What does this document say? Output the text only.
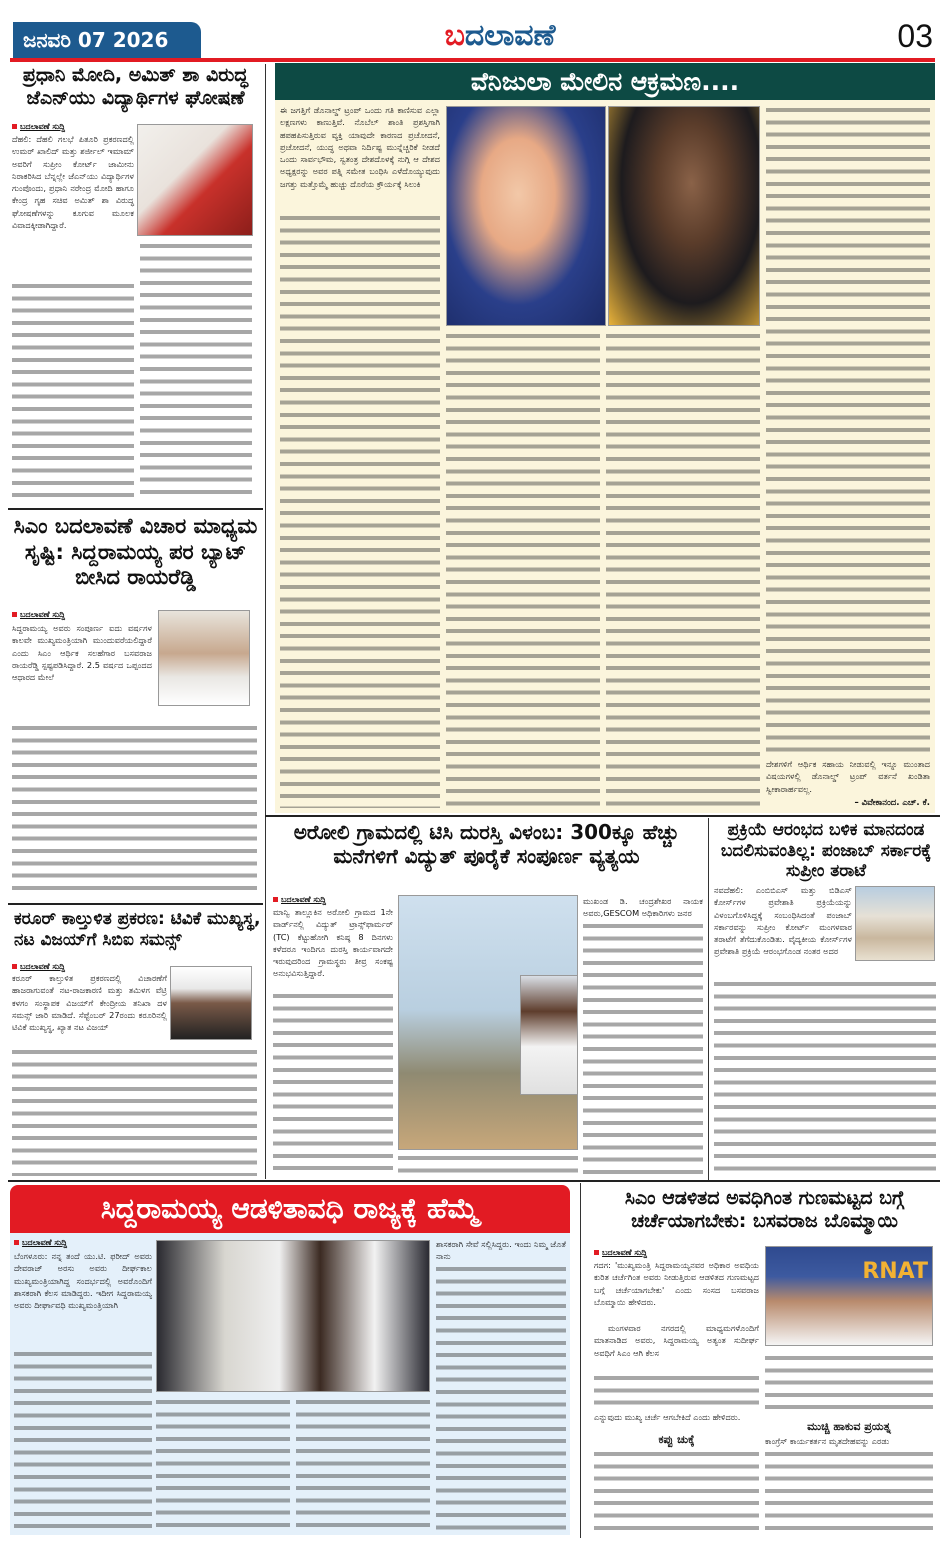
ಜನವರಿ 07 2026	ಬದಲಾವಣೆ	03
ಪ್ರಧಾನಿ ಮೋದಿ, ಅಮಿತ್ ಶಾ ವಿರುದ್ಧ ಜೆಎನ್‌ಯು ವಿದ್ಯಾರ್ಥಿಗಳ ಘೋಷಣೆ
ಬದಲಾವಣೆ ಸುದ್ದಿ
ದೆಹಲಿ: ದೆಹಲಿ ಗಲಭೆ ಪಿತೂರಿ ಪ್ರಕರಣದಲ್ಲಿ ಉಮರ್ ಖಾಲಿದ್ ಮತ್ತು ಶರ್ಜೀಲ್ ಇಮಾಮ್ ಅವರಿಗೆ ಸುಪ್ರೀಂ ಕೋರ್ಟ್ ಜಾಮೀನು ನಿರಾಕರಿಸಿದ ಬೆನ್ನಲ್ಲೇ ಜೆಎನ್‌ಯು ವಿದ್ಯಾರ್ಥಿಗಳ ಗುಂಪೊಂದು, ಪ್ರಧಾನಿ ನರೇಂದ್ರ ಮೋದಿ ಹಾಗೂ ಕೇಂದ್ರ ಗೃಹ ಸಚಿವ ಅಮಿತ್ ಶಾ ವಿರುದ್ಧ ಘೋಷಣೆಗಳನ್ನು ಕೂಗುವ ಮೂಲಕ ವಿವಾದಕ್ಕೀಡಾಗಿದ್ದಾರೆ.
ಸಿಎಂ ಬದಲಾವಣೆ ವಿಚಾರ ಮಾಧ್ಯಮ ಸೃಷ್ಟಿ: ಸಿದ್ದರಾಮಯ್ಯ ಪರ ಬ್ಯಾಟ್ ಬೀಸಿದ ರಾಯರೆಡ್ಡಿ
ಬದಲಾವಣೆ ಸುದ್ದಿ
ಸಿದ್ದರಾಮಯ್ಯ ಅವರು ಸಂಪೂರ್ಣ ಐದು ವರ್ಷಗಳ ಕಾಲವೇ ಮುಖ್ಯಮಂತ್ರಿಯಾಗಿ ಮುಂದುವರೆಯಲಿದ್ದಾರೆ ಎಂದು ಸಿಎಂ ಆರ್ಥಿಕ ಸಲಹೆಗಾರ ಬಸವರಾಜ ರಾಯರೆಡ್ಡಿ ಸ್ಪಷ್ಟಪಡಿಸಿದ್ದಾರೆ. 2.5 ವರ್ಷದ ಒಪ್ಪಂದದ ಆಧಾರದ ಮೇಲೆ
ಕರೂರ್ ಕಾಲ್ತುಳಿತ ಪ್ರಕರಣ: ಟಿವಿಕೆ ಮುಖ್ಯಸ್ಥ, ನಟ ವಿಜಯ್‌ಗೆ ಸಿಬಿಐ ಸಮನ್ಸ್
ಬದಲಾವಣೆ ಸುದ್ದಿ
ಕರೂರ್ ಕಾಲ್ತುಳಿತ ಪ್ರಕರಣದಲ್ಲಿ ವಿಚಾರಣೆಗೆ ಹಾಜರಾಗುವಂತೆ ನಟ-ರಾಜಕಾರಣಿ ಮತ್ತು ತಮಿಳಗ ವೆಟ್ರಿ ಕಳಗಂ ಸಂಸ್ಥಾಪಕ ವಿಜಯ್‌ಗೆ ಕೇಂದ್ರೀಯ ತನಿಖಾ ದಳ ಸಮನ್ಸ್ ಜಾರಿ ಮಾಡಿದೆ. ಸೆಪ್ಟೆಂಬರ್ 27ರಂದು ಕರೂರಿನಲ್ಲಿ ಟಿವಿಕೆ ಮುಖ್ಯಸ್ಥ, ಖ್ಯಾತ ನಟ ವಿಜಯ್
ವೆನಿಜುಲಾ ಮೇಲಿನ ಆಕ್ರಮಣ....
ಈ ಜಗತ್ತಿಗೆ ಡೊನಾಲ್ಡ್ ಟ್ರಂಪ್ ಒಂದು ಗತಿ ಕಾಣಿಸುವ ಎಲ್ಲಾ ಲಕ್ಷಣಗಳು ಕಾಣುತ್ತಿವೆ. ನೊಬೆಲ್ ಶಾಂತಿ ಪ್ರಶಸ್ತಿಗಾಗಿ ಹಪಹಪಿಸುತ್ತಿರುವ ವ್ಯಕ್ತಿ ಯಾವುದೇ ಕಾರಣದ ಪ್ರಚೋದನೆ, ಪ್ರಚೋದನೆ, ಯುದ್ಧ ಅಥವಾ ನಿರ್ದಿಷ್ಟ ಮುನ್ನೆಚ್ಚರಿಕೆ ನೀಡದೆ ಒಂದು ಸಾರ್ವಭೌಮ, ಸ್ವತಂತ್ರ ದೇಶದೊಳಕ್ಕೆ ನುಗ್ಗಿ ಆ ದೇಶದ ಅಧ್ಯಕ್ಷರನ್ನು ಅವರ ಪತ್ನಿ ಸಮೇತ ಬಂಧಿಸಿ ಎಳೆದೊಯ್ಯುವುದು ಜಗತ್ತು ಮತ್ತೊಮ್ಮೆ ಹುಚ್ಚು ದೊರೆಯ ಕ್ರೌರ್ಯಕ್ಕೆ ಸಿಲುಕಿ
ದೇಶಗಳಿಗೆ ಆರ್ಥಿಕ ಸಹಾಯ ನೀಡುವಲ್ಲಿ ಇನ್ನೂ ಮುಂತಾದ ವಿಷಯಗಳಲ್ಲಿ ಡೊನಾಲ್ಡ್ ಟ್ರಂಪ್ ವರ್ತನೆ ಖಂಡಿತಾ ಸ್ವೀಕಾರಾರ್ಹವಲ್ಲ.
– ವಿವೇಕಾನಂದ. ಎಚ್. ಕೆ.
ಅರೋಲಿ ಗ್ರಾಮದಲ್ಲಿ ಟಿಸಿ ದುರಸ್ತಿ ವಿಳಂಬ: 300ಕ್ಕೂ ಹೆಚ್ಚು ಮನೆಗಳಿಗೆ ವಿದ್ಯುತ್ ಪೂರೈಕೆ ಸಂಪೂರ್ಣ ವ್ಯತ್ಯಯ
ಬದಲಾವಣೆ ಸುದ್ದಿ
ಮಾನ್ವಿ ತಾಲ್ಲೂಕಿನ ಅರೋಲಿ ಗ್ರಾಮದ 1ನೇ ವಾರ್ಡ್‌ನಲ್ಲಿ ವಿದ್ಯುತ್ ಟ್ರಾನ್ಸ್‌ಫಾರ್ಮರ್ (TC) ಕೆಟ್ಟುಹೋಗಿ ಕನಿಷ್ಠ 8 ದಿನಗಳು ಕಳೆದರೂ ಇಂದಿಗೂ ದುರಸ್ತಿ ಕಾರ್ಯವಾಗದೇ ಇರುವುದರಿಂದ ಗ್ರಾಮಸ್ಥರು ತೀವ್ರ ಸಂಕಷ್ಟ ಅನುಭವಿಸುತ್ತಿದ್ದಾರೆ.
ಮುಖಂಡ ಡಿ. ಚಂದ್ರಶೇಖರ ನಾಯಕ ಅವರು,GESCOM ಅಧಿಕಾರಿಗಳು ಜನರ
ಪ್ರಕ್ರಿಯೆ ಆರಂಭದ ಬಳಿಕ ಮಾನದಂಡ ಬದಲಿಸುವಂತಿಲ್ಲ: ಪಂಜಾಬ್ ಸರ್ಕಾರಕ್ಕೆ ಸುಪ್ರೀಂ ತರಾಟೆ
ನವದೆಹಲಿ: ಎಂಬಿಬಿಎಸ್ ಮತ್ತು ಬಿಡಿಎಸ್ ಕೋರ್ಸ್‌ಗಳ ಪ್ರವೇಶಾತಿ ಪ್ರಕ್ರಿಯೆಯನ್ನು ವಿಳಂಬಗೊಳಿಸಿದ್ದಕ್ಕೆ ಸಂಬಂಧಿಸಿದಂತೆ ಪಂಜಾಬ್ ಸರ್ಕಾರವನ್ನು ಸುಪ್ರೀಂ ಕೋರ್ಟ್ ಮಂಗಳವಾರ ತರಾಟೆಗೆ ತೆಗೆದುಕೊಂಡಿತು. ವೈದ್ಯಕೀಯ ಕೋರ್ಸ್‌ಗಳ ಪ್ರವೇಶಾತಿ ಪ್ರಕ್ರಿಯೆ ಆರಂಭಗೊಂಡ ನಂತರ ಅದರ
ಸಿದ್ದರಾಮಯ್ಯ ಆಡಳಿತಾವಧಿ ರಾಜ್ಯಕ್ಕೆ ಹೆಮ್ಮೆ
ಬದಲಾವಣೆ ಸುದ್ದಿ
ಬೆಂಗಳೂರು: ನನ್ನ ತಂದೆ ಯು.ಟಿ. ಫರೀದ್ ಅವರು ದೇವರಾಜ್ ಅರಸು ಅವರು ದೀರ್ಘಕಾಲ ಮುಖ್ಯಮಂತ್ರಿಯಾಗಿದ್ದ ಸಂದರ್ಭದಲ್ಲಿ ಅವರೊಂದಿಗೆ ಶಾಸಕರಾಗಿ ಕೆಲಸ ಮಾಡಿದ್ದರು. ಇದೀಗ ಸಿದ್ದರಾಮಯ್ಯ ಅವರು ದೀರ್ಘಾವಧಿ ಮುಖ್ಯಮಂತ್ರಿಯಾಗಿ
ಶಾಸಕರಾಗಿ ಸೇವೆ ಸಲ್ಲಿಸಿದ್ದರು. ಇಂದು ನಿಮ್ಮ ಜೊತೆ ನಾನು
ಸಿಎಂ ಆಡಳಿತದ ಅವಧಿಗಿಂತ ಗುಣಮಟ್ಟದ ಬಗ್ಗೆ ಚರ್ಚೆಯಾಗಬೇಕು: ಬಸವರಾಜ ಬೊಮ್ಮಾಯಿ
ಬದಲಾವಣೆ ಸುದ್ದಿ
ಗದಗ: 'ಮುಖ್ಯಮಂತ್ರಿ ಸಿದ್ದರಾಮಯ್ಯನವರ ಅಧಿಕಾರ ಅವಧಿಯ ಕುರಿತ ಚರ್ಚೆಗಿಂತ ಅವರು ನೀಡುತ್ತಿರುವ ಆಡಳಿತದ ಗುಣಮಟ್ಟದ ಬಗ್ಗೆ ಚರ್ಚೆಯಾಗಬೇಕು' ಎಂದು ಸಂಸದ ಬಸವರಾಜ ಬೊಮ್ಮಾಯಿ ಹೇಳಿದರು.
ಮಂಗಳವಾರ ನಗರದಲ್ಲಿ ಮಾಧ್ಯಮಗಳೊಂದಿಗೆ ಮಾತನಾಡಿದ ಅವರು, ಸಿದ್ದರಾಮಯ್ಯ ಅತ್ಯಂತ ಸುದೀರ್ಘ ಅವಧಿಗೆ ಸಿಎಂ ಆಗಿ ಕೆಲಸ
RNAT
ಎನ್ನುವುದು ಮುಖ್ಯ ಚರ್ಚೆ ಆಗಬೇಕಿದೆ ಎಂದು ಹೇಳಿದರು.
ಕಪ್ಪು ಚುಕ್ಕೆ
ಮುಚ್ಚಿ ಹಾಕುವ ಪ್ರಯತ್ನ
ಕಾಂಗ್ರೆಸ್ ಕಾರ್ಯಕರ್ತನ ಮೃತದೇಹವನ್ನು ಎರಡು
